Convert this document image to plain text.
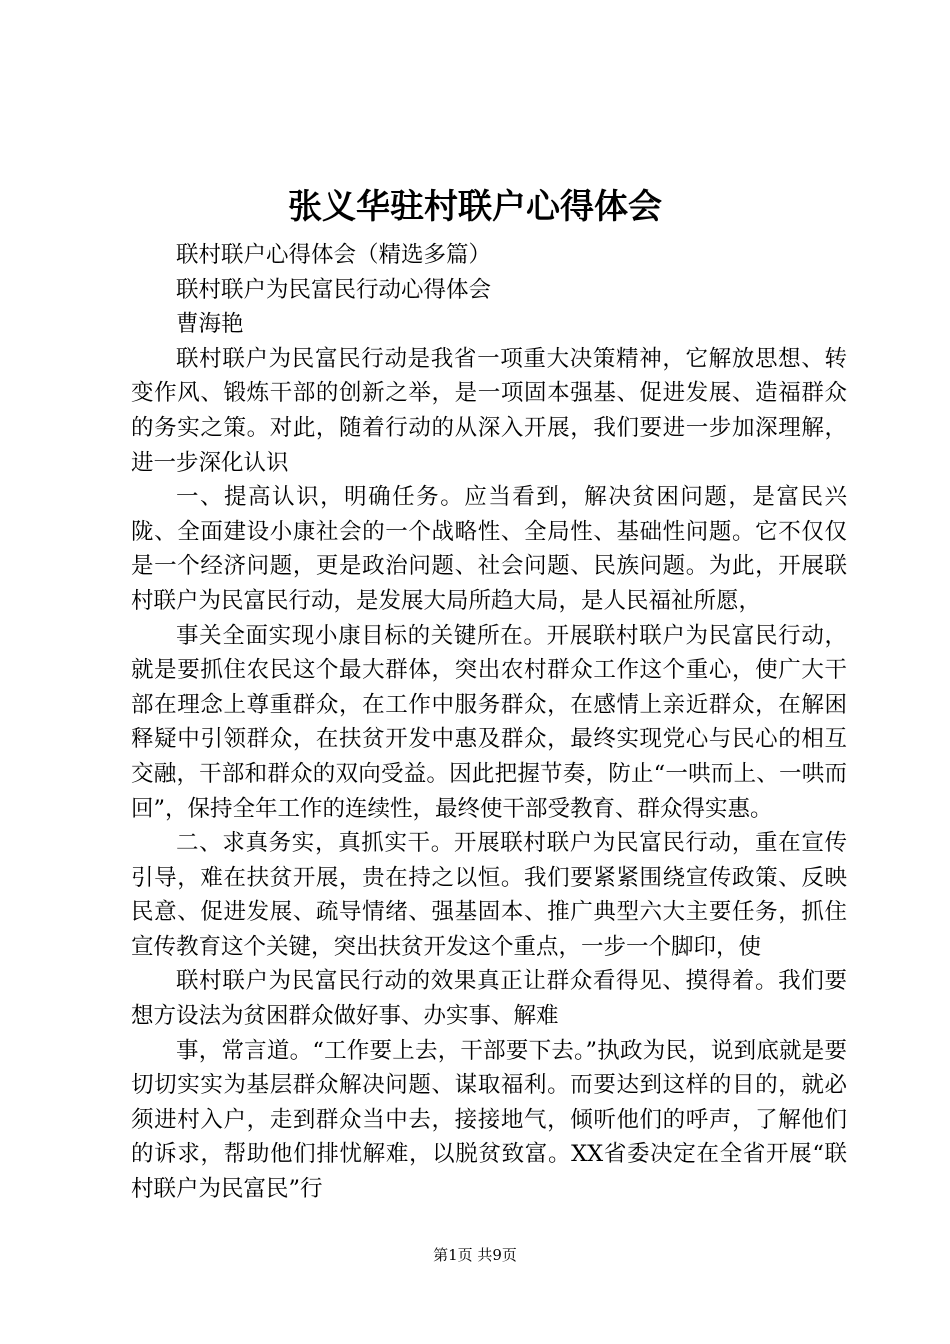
张义华驻村联户心得体会

联村联户心得体会（精选多篇）

联村联户为民富民行动心得体会

曹海艳

联村联户为民富民行动是我省一项重大决策精神，它解放思想、转变作风、锻炼干部的创新之举，是一项固本强基、促进发展、造福群众的务实之策。对此，随着行动的从深入开展，我们要进一步加深理解，进一步深化认识

一、提高认识，明确任务。应当看到，解决贫困问题，是富民兴陇、全面建设小康社会的一个战略性、全局性、基础性问题。它不仅仅是一个经济问题，更是政治问题、社会问题、民族问题。为此，开展联村联户为民富民行动，是发展大局所趋大局，是人民福祉所愿，

事关全面实现小康目标的关键所在。开展联村联户为民富民行动，就是要抓住农民这个最大群体，突出农村群众工作这个重心，使广大干部在理念上尊重群众，在工作中服务群众，在感情上亲近群众，在解困释疑中引领群众，在扶贫开发中惠及群众，最终实现党心与民心的相互交融，干部和群众的双向受益。因此把握节奏，防止“一哄而上、一哄而回”，保持全年工作的连续性，最终使干部受教育、群众得实惠。

二、求真务实，真抓实干。开展联村联户为民富民行动，重在宣传引导，难在扶贫开展，贵在持之以恒。我们要紧紧围绕宣传政策、反映民意、促进发展、疏导情绪、强基固本、推广典型六大主要任务，抓住宣传教育这个关键，突出扶贫开发这个重点，一步一个脚印，使

联村联户为民富民行动的效果真正让群众看得见、摸得着。我们要想方设法为贫困群众做好事、办实事、解难

事，常言道。“工作要上去，干部要下去。”执政为民，说到底就是要切切实实为基层群众解决问题、谋取福利。而要达到这样的目的，就必须进村入户，走到群众当中去，接接地气，倾听他们的呼声，了解他们的诉求，帮助他们排忧解难，以脱贫致富。XX省委决定在全省开展“联村联户为民富民”行

第1页 共9页
